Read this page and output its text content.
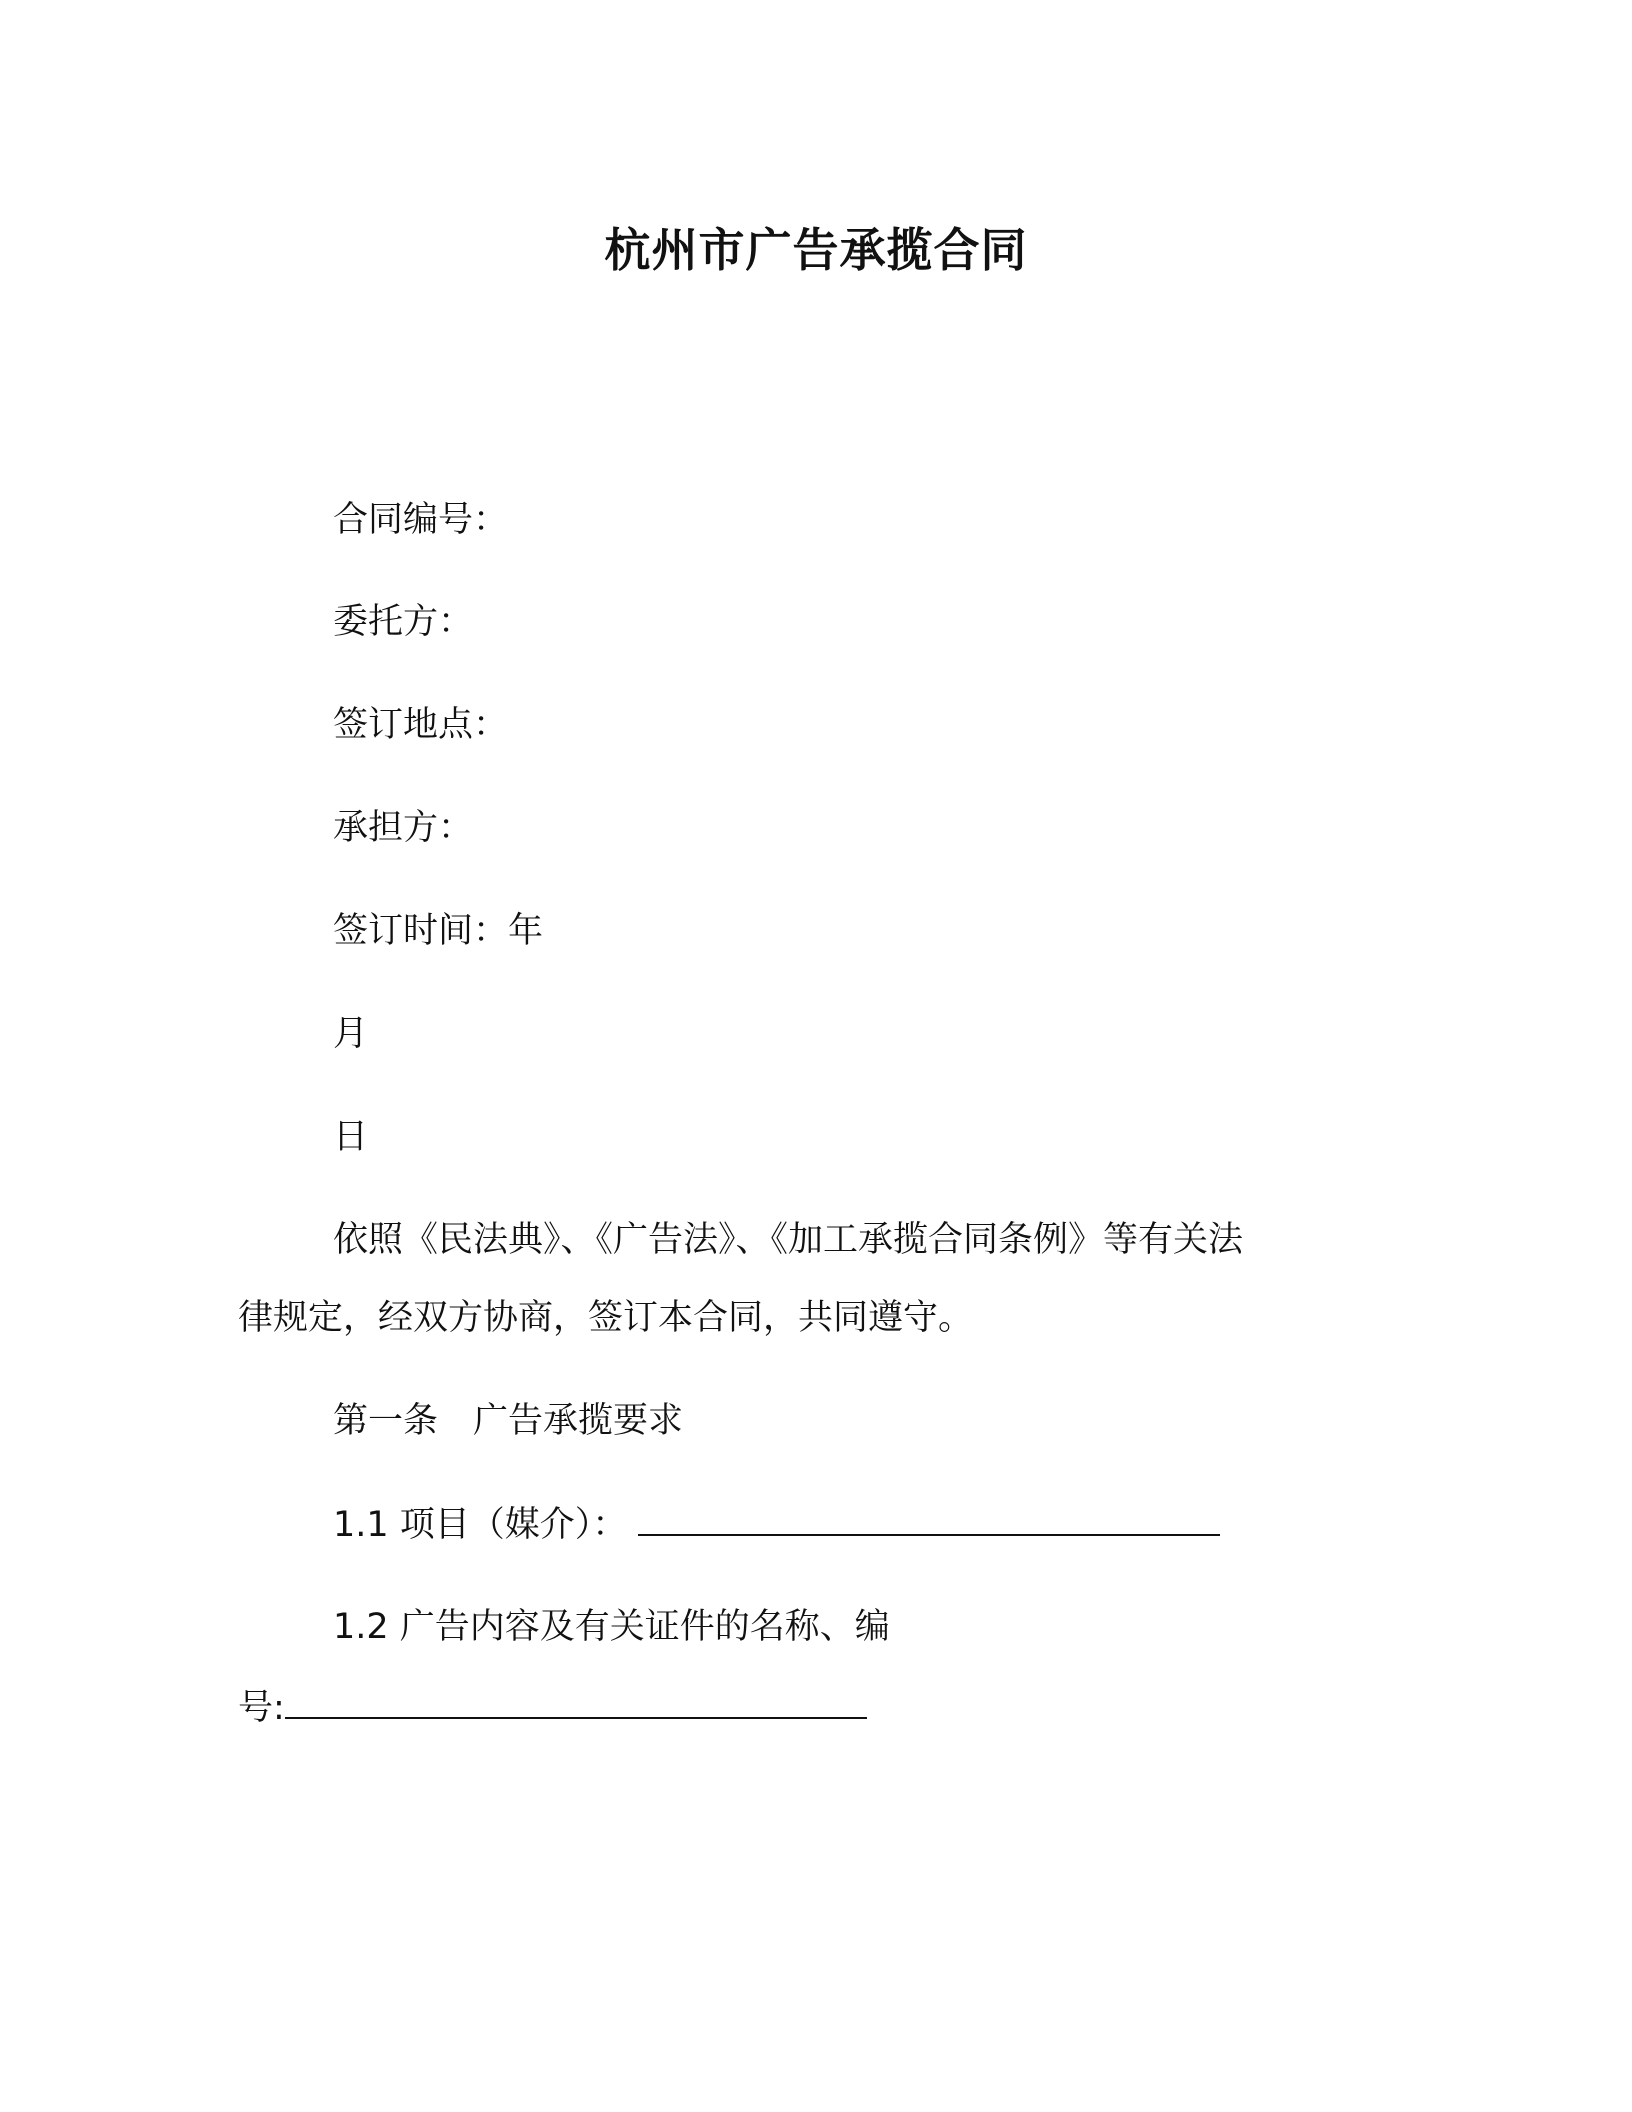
杭州市广告承揽合同
合同编号：
委托方：
签订地点：
承担方：
签订时间：年
月
日
依照《民法典》、《广告法》、《加工承揽合同条例》等有关法
律规定，经双方协商，签订本合同，共同遵守。
第一条　广告承揽要求
1.1 项目（媒介）：
1.2 广告内容及有关证件的名称、编
号:
